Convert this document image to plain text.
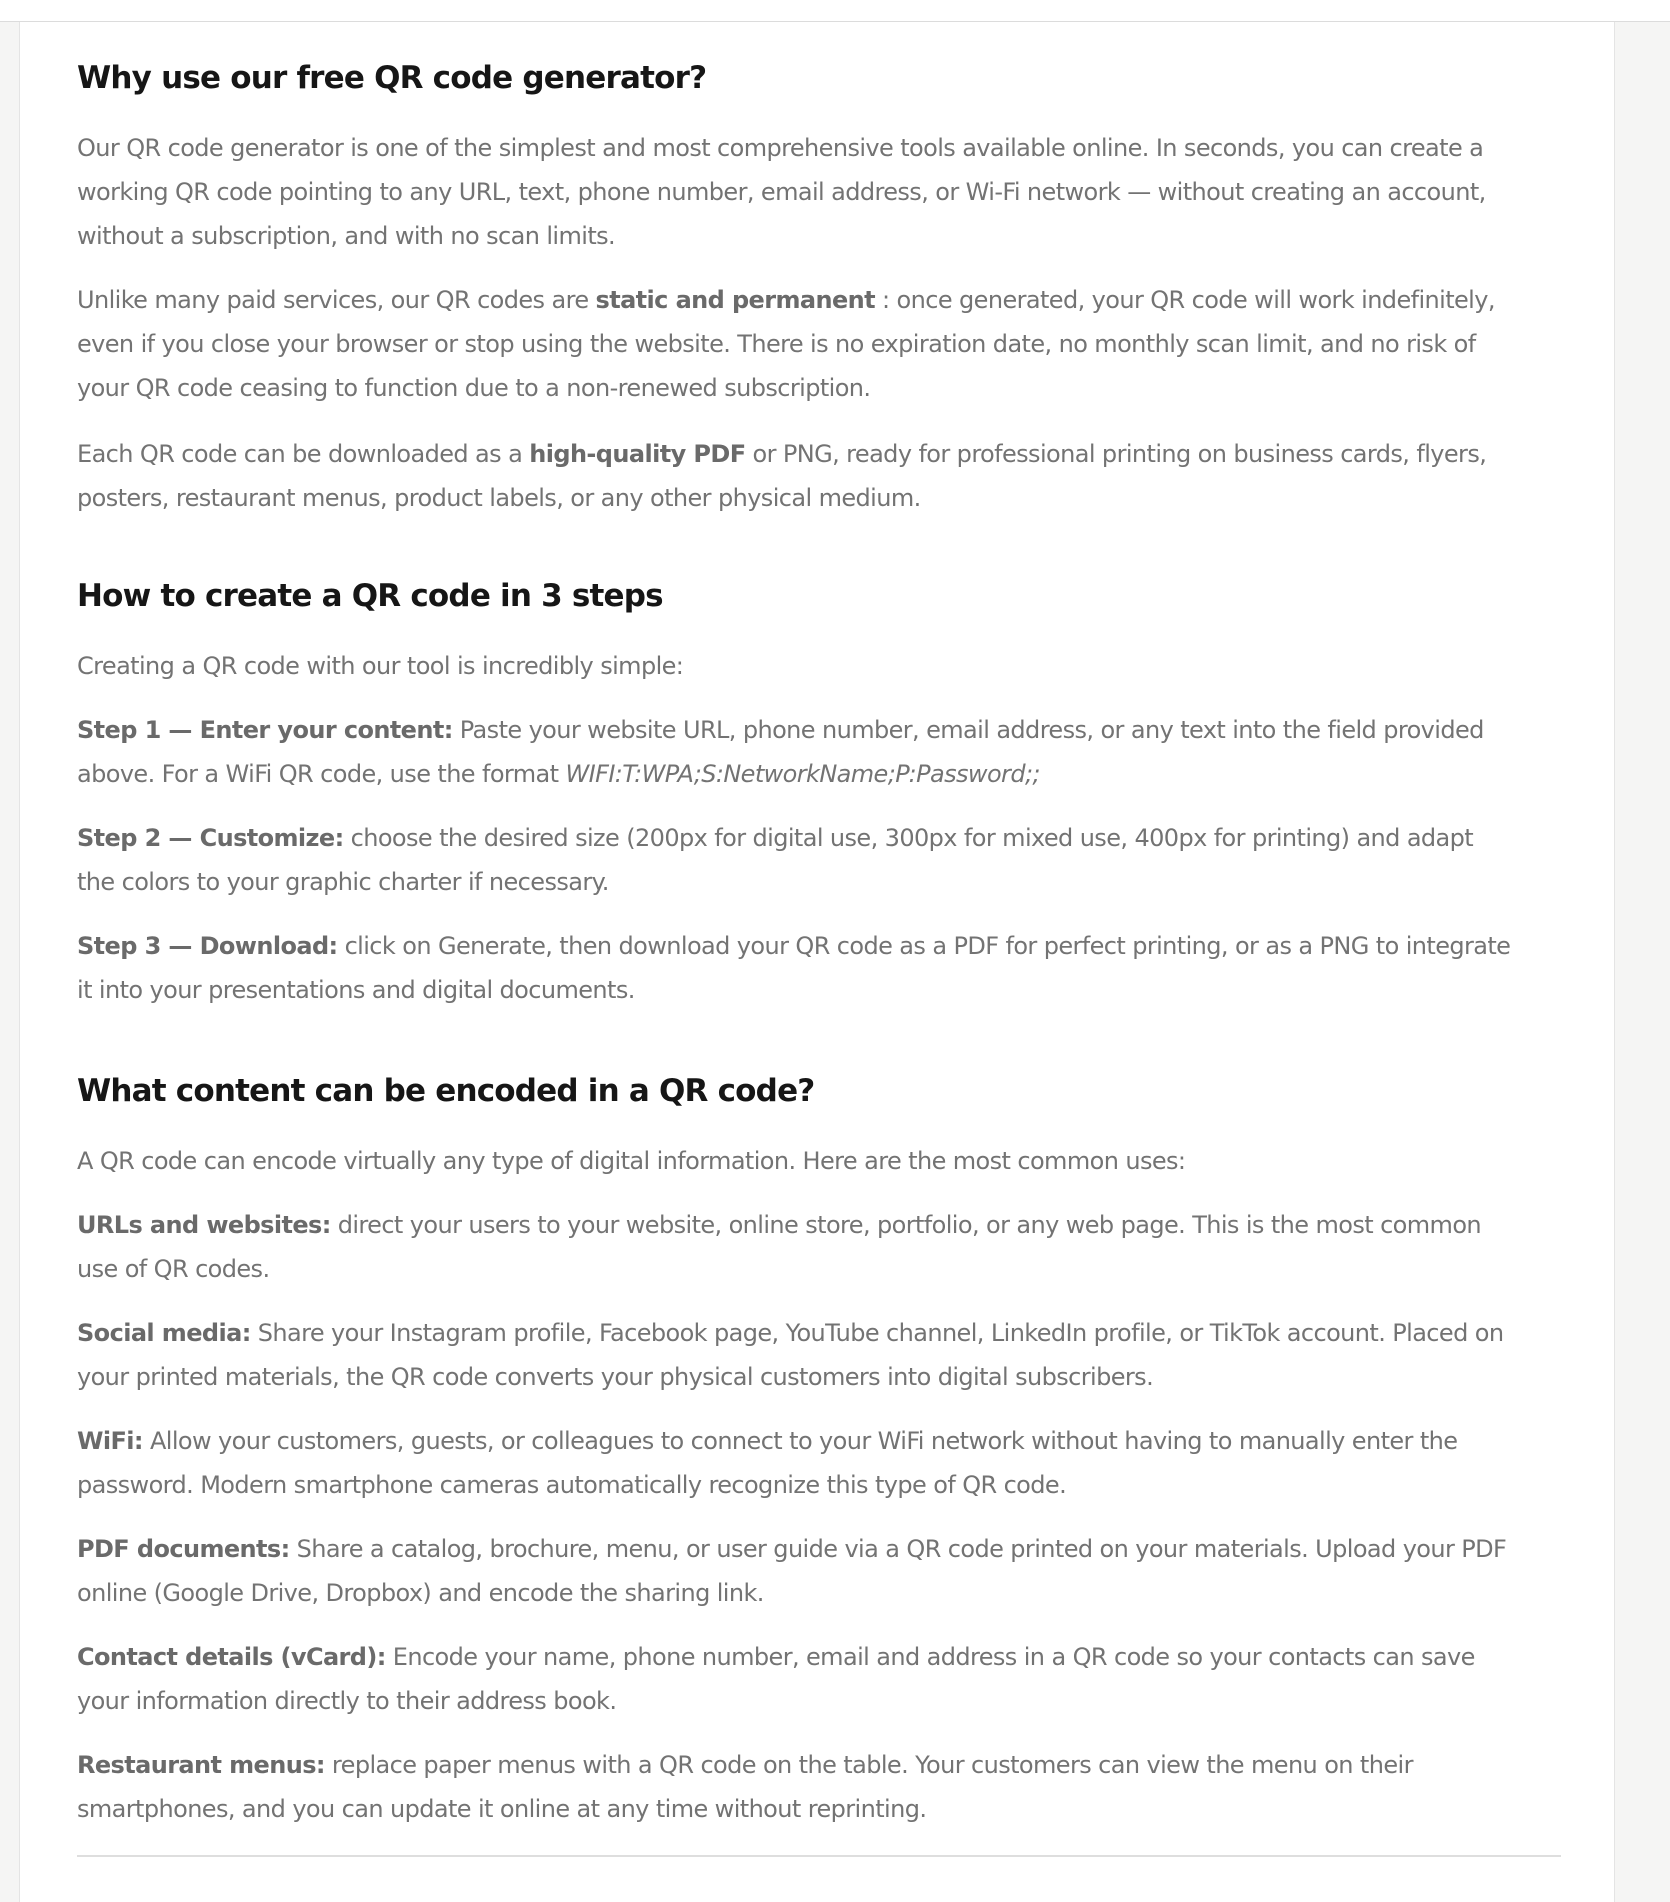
Why use our free QR code generator?

Our QR code generator is one of the simplest and most comprehensive tools available online. In seconds, you can create a
working QR code pointing to any URL, text, phone number, email address, or Wi-Fi network — without creating an account,
without a subscription, and with no scan limits.

Unlike many paid services, our QR codes are static and permanent : once generated, your QR code will work indefinitely,
even if you close your browser or stop using the website. There is no expiration date, no monthly scan limit, and no risk of
your QR code ceasing to function due to a non-renewed subscription.

Each QR code can be downloaded as a high-quality PDF or PNG, ready for professional printing on business cards, flyers,
posters, restaurant menus, product labels, or any other physical medium.

How to create a QR code in 3 steps

Creating a QR code with our tool is incredibly simple:

Step 1 — Enter your content: Paste your website URL, phone number, email address, or any text into the field provided
above. For a WiFi QR code, use the format WIFI:T:WPA;S:NetworkName;P:Password;;

Step 2 — Customize: choose the desired size (200px for digital use, 300px for mixed use, 400px for printing) and adapt
the colors to your graphic charter if necessary.

Step 3 — Download: click on Generate, then download your QR code as a PDF for perfect printing, or as a PNG to integrate
it into your presentations and digital documents.

What content can be encoded in a QR code?

A QR code can encode virtually any type of digital information. Here are the most common uses:

URLs and websites: direct your users to your website, online store, portfolio, or any web page. This is the most common
use of QR codes.

Social media: Share your Instagram profile, Facebook page, YouTube channel, LinkedIn profile, or TikTok account. Placed on
your printed materials, the QR code converts your physical customers into digital subscribers.

WiFi: Allow your customers, guests, or colleagues to connect to your WiFi network without having to manually enter the
password. Modern smartphone cameras automatically recognize this type of QR code.

PDF documents: Share a catalog, brochure, menu, or user guide via a QR code printed on your materials. Upload your PDF
online (Google Drive, Dropbox) and encode the sharing link.

Contact details (vCard): Encode your name, phone number, email and address in a QR code so your contacts can save
your information directly to their address book.

Restaurant menus: replace paper menus with a QR code on the table. Your customers can view the menu on their
smartphones, and you can update it online at any time without reprinting.
